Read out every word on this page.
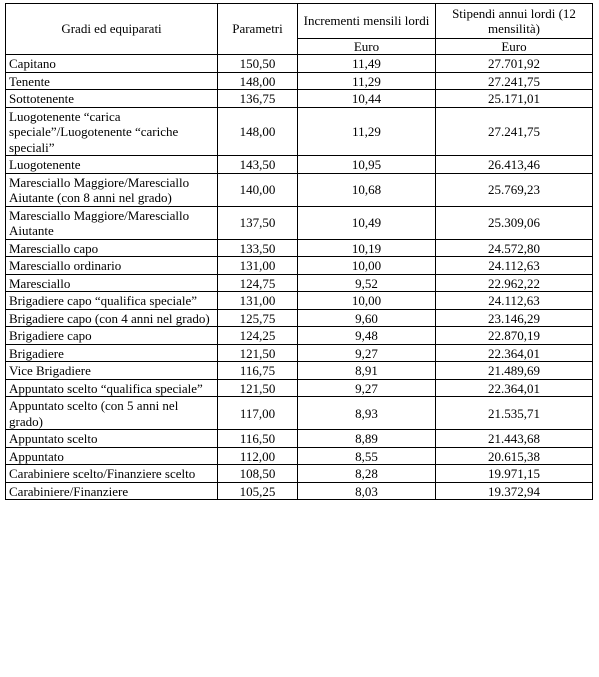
Gradi ed equiparati	Parametri	Incrementi mensili lordi	Stipendi annui lordi (12 mensilità)
		Euro	Euro
Capitano	150,50	11,49	27.701,92
Tenente	148,00	11,29	27.241,75
Sottotenente	136,75	10,44	25.171,01
Luogotenente “carica speciale”/Luogotenente “cariche speciali”	148,00	11,29	27.241,75
Luogotenente	143,50	10,95	26.413,46
Maresciallo Maggiore/Maresciallo Aiutante (con 8 anni nel grado)	140,00	10,68	25.769,23
Maresciallo Maggiore/Maresciallo Aiutante	137,50	10,49	25.309,06
Maresciallo capo	133,50	10,19	24.572,80
Maresciallo ordinario	131,00	10,00	24.112,63
Maresciallo	124,75	9,52	22.962,22
Brigadiere capo “qualifica speciale”	131,00	10,00	24.112,63
Brigadiere capo (con 4 anni nel grado)	125,75	9,60	23.146,29
Brigadiere capo	124,25	9,48	22.870,19
Brigadiere	121,50	9,27	22.364,01
Vice Brigadiere	116,75	8,91	21.489,69
Appuntato scelto “qualifica speciale”	121,50	9,27	22.364,01
Appuntato scelto (con 5 anni nel grado)	117,00	8,93	21.535,71
Appuntato scelto	116,50	8,89	21.443,68
Appuntato	112,00	8,55	20.615,38
Carabiniere scelto/Finanziere scelto	108,50	8,28	19.971,15
Carabiniere/Finanziere	105,25	8,03	19.372,94
